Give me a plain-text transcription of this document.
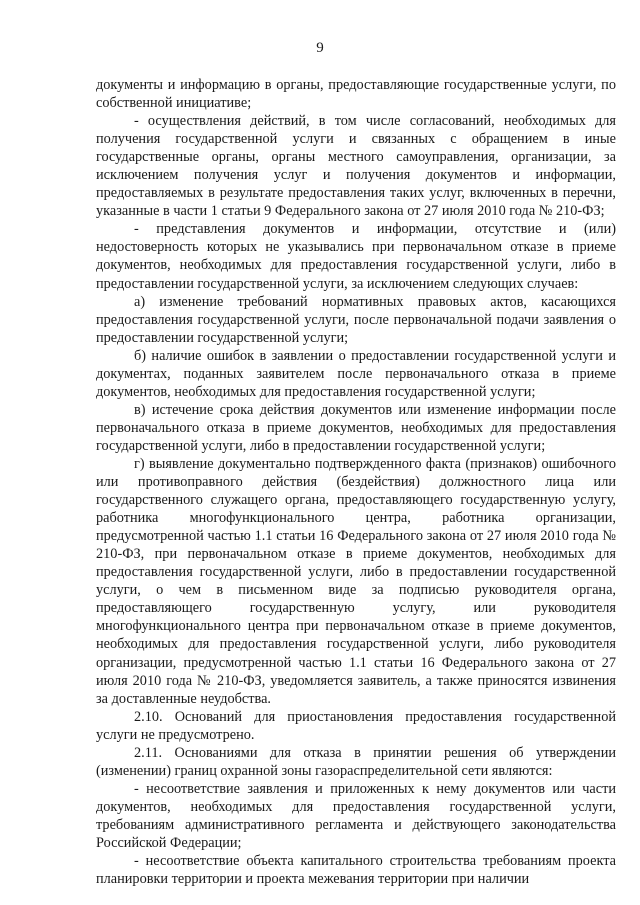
9

документы и информацию в органы, предоставляющие государственные услуги, по собственной инициативе;

- осуществления действий, в том числе согласований, необходимых для получения государственной услуги и связанных с обращением в иные государственные органы, органы местного самоуправления, организации, за исключением получения услуг и получения документов и информации, предоставляемых в результате предоставления таких услуг, включенных в перечни, указанные в части 1 статьи 9 Федерального закона от 27 июля 2010 года № 210-ФЗ;

- представления документов и информации, отсутствие и (или) недостоверность которых не указывались при первоначальном отказе в приеме документов, необходимых для предоставления государственной услуги, либо в предоставлении государственной услуги, за исключением следующих случаев:

а) изменение требований нормативных правовых актов, касающихся предоставления государственной услуги, после первоначальной подачи заявления о предоставлении государственной услуги;

б) наличие ошибок в заявлении о предоставлении государственной услуги и документах, поданных заявителем после первоначального отказа в приеме документов, необходимых для предоставления государственной услуги;

в) истечение срока действия документов или изменение информации после первоначального отказа в приеме документов, необходимых для предоставления государственной услуги, либо в предоставлении государственной услуги;

г) выявление документально подтвержденного факта (признаков) ошибочного или противоправного действия (бездействия) должностного лица или государственного служащего органа, предоставляющего государственную услугу, работника многофункционального центра, работника организации, предусмотренной частью 1.1 статьи 16 Федерального закона от 27 июля 2010 года № 210-ФЗ, при первоначальном отказе в приеме документов, необходимых для предоставления государственной услуги, либо в предоставлении государственной услуги, о чем в письменном виде за подписью руководителя органа, предоставляющего государственную услугу, или руководителя многофункционального центра при первоначальном отказе в приеме документов, необходимых для предоставления государственной услуги, либо руководителя организации, предусмотренной частью 1.1 статьи 16 Федерального закона от 27 июля 2010 года № 210-ФЗ, уведомляется заявитель, а также приносятся извинения за доставленные неудобства.

2.10. Оснований для приостановления предоставления государственной услуги не предусмотрено.

2.11. Основаниями для отказа в принятии решения об утверждении (изменении) границ охранной зоны газораспределительной сети являются:

- несоответствие заявления и приложенных к нему документов или части документов, необходимых для предоставления государственной услуги, требованиям административного регламента и действующего законодательства Российской Федерации;

- несоответствие объекта капитального строительства требованиям проекта планировки территории и проекта межевания территории при наличии
